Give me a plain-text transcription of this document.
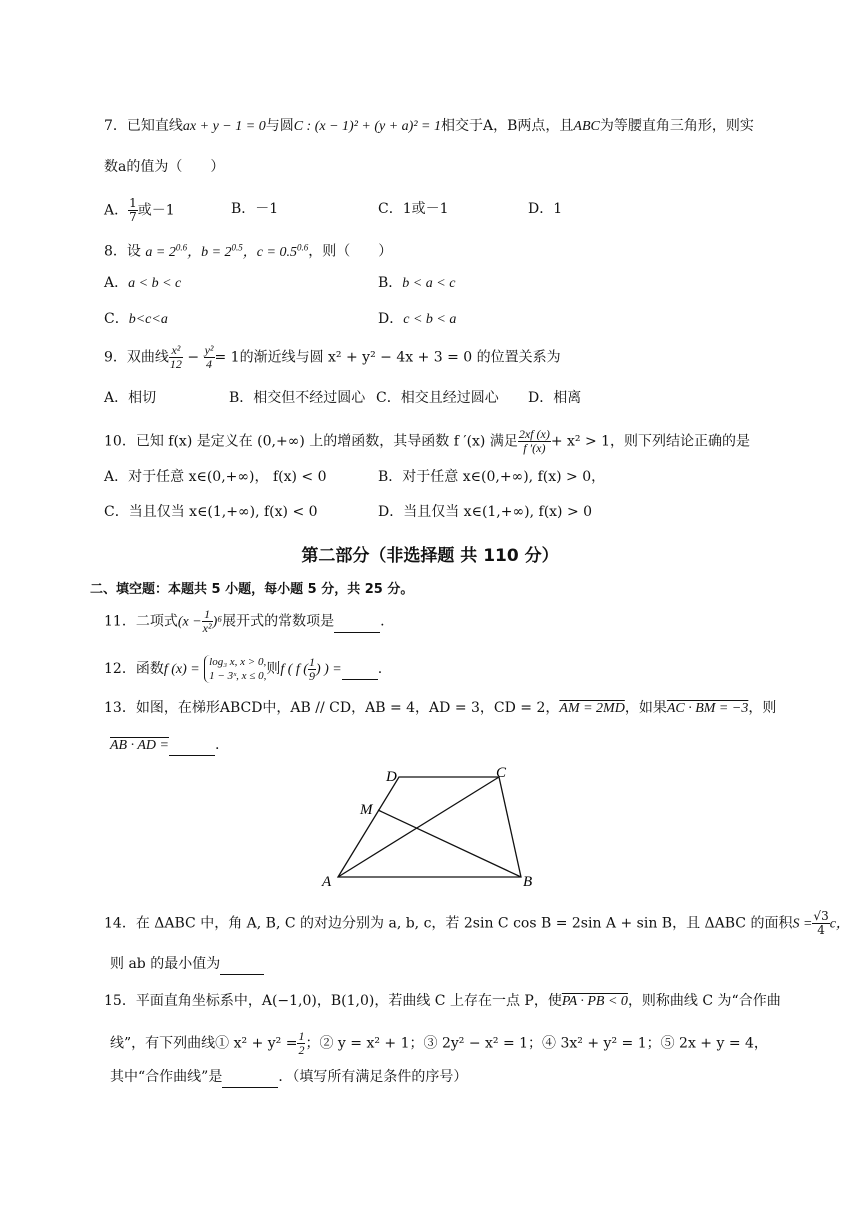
7．已知直线ax + y − 1 = 0与圆C : (x − 1)² + (y + a)² = 1相交于A，B两点，且ABC为等腰直角三角形，则实
数a的值为（　　）
A． $\frac{1}{7}$ 或－1	B．－1	C．1或－1	D．1
8．设 $a = 2^{0.6}$，$b = 2^{0.5}$，$c = 0.5^{0.6}$，则（　　）
A．a < b < c	B．b < a < c
C．b<c<a	D．c < b < a
9．双曲线 $\frac{\text{x²}}{12} - \frac{\text{y²}}{4} = 1$的渐近线与圆 x² + y² − 4x + 3 = 0 的位置关系为
A．相切	B．相交但不经过圆心 C．相交且经过圆心 D．相离
10．已知 f(x) 是定义在 (0,+∞) 上的增函数，其导函数 f ′(x) 满足 $\frac{2xf (x)}{f '(x)} + x^2 > 1$，则下列结论正确的是
A．对于任意 x∈(0,+∞)， f(x) < 0	B．对于任意 x∈(0,+∞), f(x) > 0，
C．当且仅当 x∈(1,+∞), f(x) < 0	D．当且仅当 x∈(1,+∞), f(x) > 0
第二部分（非选择题 共 110 分）
二、填空题：本题共 5 小题，每小题 5 分，共 25 分。
11．二项式$(x - \frac{1}{\text{x²}} )^6$展开式的常数项是	.
12．函数f (x) = log₃ x, x > 0,
1 − 3ˣ, x ≤ 0, 则f ( f ( $\frac{1}{9}$ ) ) =	.
13．如图，在梯形ABCD中，AB // CD，AB = 4，AD = 3，CD = 2，AM = 2MD，如果AC · BM = −3，则
AB · AD =	.
A	B
C
D
M
14．在 ΔABC 中，角 A, B, C 的对边分别为 a, b, c，若 2sin C cos B = 2sin A + sin B，且 ΔABC 的面积$S = \frac{√3}{4}$ c，
则 ab 的最小值为
15．平面直角坐标系中，A(−1,0)，B(1,0)，若曲线 C 上存在一点 P，使PA · PB < 0，则称曲线 C 为“合作曲
线”，有下列曲线① $x^2 + y^2 = \frac{1}{2}$ ；② y = x² + 1；③ 2y² − x² = 1；④ 3x² + y² = 1；⑤ 2x + y = 4，
其中“合作曲线”是	．（填写所有满足条件的序号）
